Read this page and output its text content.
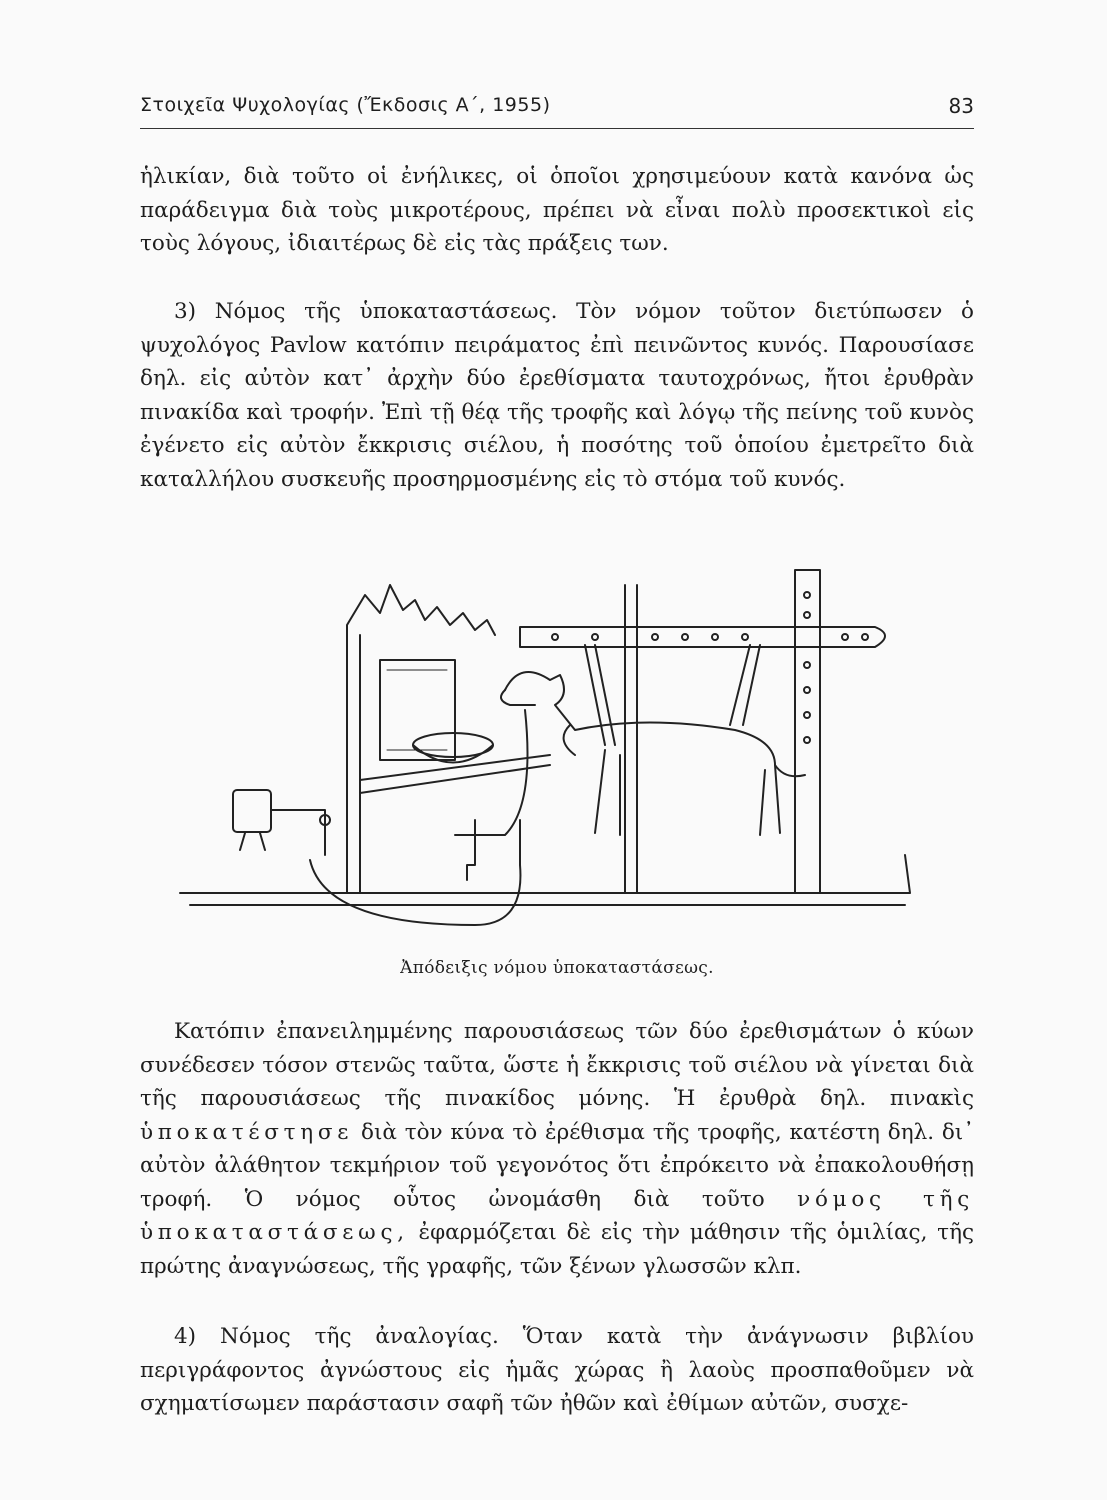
Στοιχεῖα Ψυχολογίας (Ἔκδοσις Α΄, 1955)	83

ἡλικίαν, διὰ τοῦτο οἱ ἐνήλικες, οἱ ὁποῖοι χρησιμεύουν κατὰ κανόνα ὡς παράδειγμα διὰ τοὺς μικροτέρους, πρέπει νὰ εἶναι πολὺ προσεκτικοὶ εἰς τοὺς λόγους, ἰδιαιτέρως δὲ εἰς τὰς πράξεις των.

3) Νόμος τῆς ὑποκαταστάσεως. Τὸν νόμον τοῦτον διετύπωσεν ὁ ψυχολόγος Pavlow κατόπιν πειράματος ἐπὶ πεινῶντος κυνός. Παρουσίασε δηλ. εἰς αὐτὸν κατ᾽ ἀρχὴν δύο ἐρεθίσματα ταυτοχρόνως, ἤτοι ἐρυθρὰν πινακίδα καὶ τροφήν. Ἐπὶ τῇ θέᾳ τῆς τροφῆς καὶ λόγῳ τῆς πείνης τοῦ κυνὸς ἐγένετο εἰς αὐτὸν ἔκκρισις σιέλου, ἡ ποσότης τοῦ ὁποίου ἐμετρεῖτο διὰ καταλλήλου συσκευῆς προσηρμοσμένης εἰς τὸ στόμα τοῦ κυνός.

Ἀπόδειξις νόμου ὑποκαταστάσεως.

Κατόπιν ἐπανειλημμένης παρουσιάσεως τῶν δύο ἐρεθισμάτων ὁ κύων συνέδεσεν τόσον στενῶς ταῦτα, ὥστε ἡ ἔκκρισις τοῦ σιέλου νὰ γίνεται διὰ τῆς παρουσιάσεως τῆς πινακίδος μόνης. Ἡ ἐρυθρὰ δηλ. πινακὶς ὑποκατέστησε διὰ τὸν κύνα τὸ ἐρέθισμα τῆς τροφῆς, κατέστη δηλ. δι᾽ αὐτὸν ἀλάθητον τεκμήριον τοῦ γεγονότος ὅτι ἐπρόκειτο νὰ ἐπακολουθήσῃ τροφή. Ὁ νόμος οὗτος ὠνομάσθη διὰ τοῦτο νόμος τῆς ὑποκαταστάσεως, ἐφαρμόζεται δὲ εἰς τὴν μάθησιν τῆς ὁμιλίας, τῆς πρώτης ἀναγνώσεως, τῆς γραφῆς, τῶν ξένων γλωσσῶν κλπ.

4) Νόμος τῆς ἀναλογίας. Ὅταν κατὰ τὴν ἀνάγνωσιν βιβλίου περιγράφοντος ἀγνώστους εἰς ἡμᾶς χώρας ἢ λαοὺς προσπαθοῦμεν νὰ σχηματίσωμεν παράστασιν σαφῆ τῶν ἠθῶν καὶ ἐθίμων αὐτῶν, συσχε-
